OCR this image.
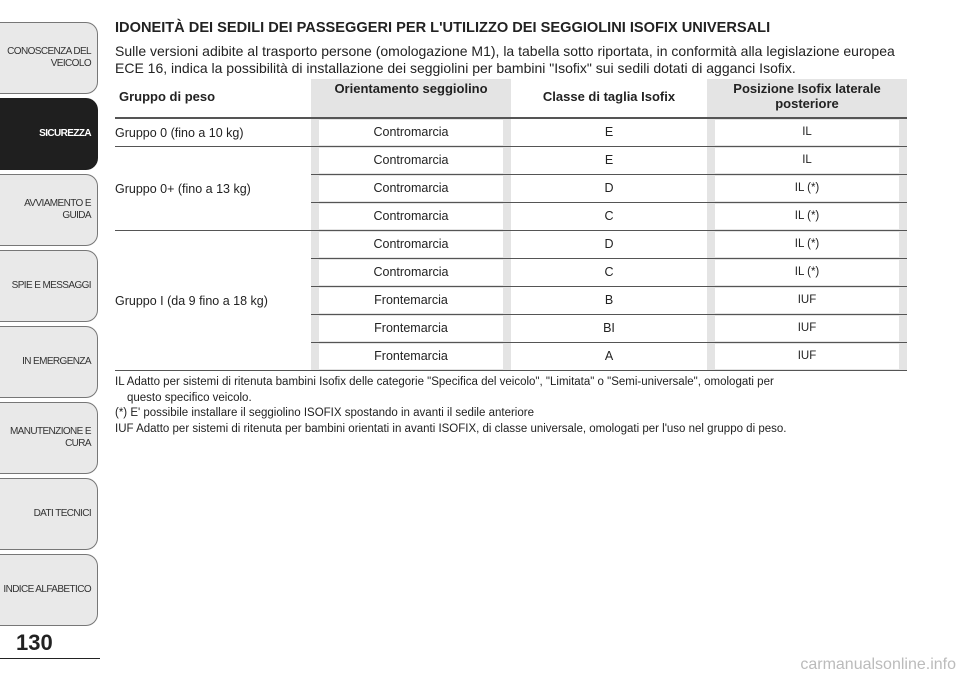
CONOSCENZA DEL VEICOLO
SICUREZZA
AVVIAMENTO E GUIDA
SPIE E MESSAGGI
IN EMERGENZA
MANUTENZIONE E CURA
DATI TECNICI
INDICE ALFABETICO
130
IDONEITÀ DEI SEDILI DEI PASSEGGERI PER L'UTILIZZO DEI SEGGIOLINI ISOFIX UNIVERSALI

Sulle versioni adibite al trasporto persone (omologazione M1), la tabella sotto riportata, in conformità alla legislazione europea ECE 16, indica la possibilità di installazione dei seggiolini per bambini "Isofix" sui sedili dotati di agganci Isofix.

Gruppo di peso	Orientamento seggiolino	Classe di taglia Isofix	Posizione Isofix laterale posteriore
Gruppo 0 (fino a 10 kg)	Contromarcia	E	IL

Gruppo 0+ (fino a 13 kg)	Contromarcia	E	IL

	Contromarcia	D	IL (*)

	Contromarcia	C	IL (*)

Gruppo I (da 9 fino a 18 kg)	Contromarcia	D	IL (*)

	Contromarcia	C	IL (*)

	Frontemarcia	B	IUF

	Frontemarcia	BI	IUF

	Frontemarcia	A	IUF

IL Adatto per sistemi di ritenuta bambini Isofix delle categorie "Specifica del veicolo", "Limitata" o "Semi-universale", omologati per

questo specifico veicolo.

(*) E' possibile installare il seggiolino ISOFIX spostando in avanti il sedile anteriore

IUF Adatto per sistemi di ritenuta per bambini orientati in avanti ISOFIX, di classe universale, omologati per l'uso nel gruppo di peso.

carmanualsonline.info
